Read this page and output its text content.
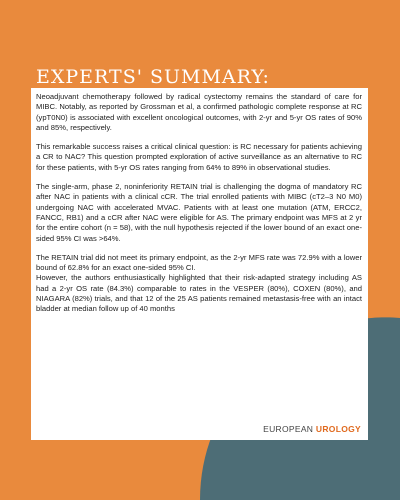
EXPERTS' SUMMARY:

Neoadjuvant chemotherapy followed by radical cystectomy remains the standard of care for MIBC. Notably, as reported by Grossman et al, a confirmed pathologic complete response at RC (ypT0N0) is associated with excellent oncological outcomes, with 2-yr and 5-yr OS rates of 90% and 85%, respectively.

This remarkable success raises a critical clinical question: is RC necessary for patients achieving a CR to NAC? This question prompted exploration of active surveillance as an alternative to RC for these patients, with 5-yr OS rates ranging from 64% to 89% in observational studies.

The single-arm, phase 2, noninferiority RETAIN trial is challenging the dogma of mandatory RC after NAC in patients with a clinical cCR. The trial enrolled patients with MIBC (cT2–3 N0 M0) undergoing NAC with accelerated MVAC. Patients with at least one mutation (ATM, ERCC2, FANCC, RB1) and a cCR after NAC were eligible for AS. The primary endpoint was MFS at 2 yr for the entire cohort (n = 58), with the null hypothesis rejected if the lower bound of an exact one-sided 95% CI was >64%.

The RETAIN trial did not meet its primary endpoint, as the 2-yr MFS rate was 72.9% with a lower bound of 62.8% for an exact one-sided 95% CI.

However, the authors enthusiastically highlighted that their risk-adapted strategy including AS had a 2-yr OS rate (84.3%) comparable to rates in the VESPER (80%), COXEN (80%), and NIAGARA (82%) trials, and that 12 of the 25 AS patients remained metastasis-free with an intact bladder at median follow up of 40 months

EUROPEAN UROLOGY
